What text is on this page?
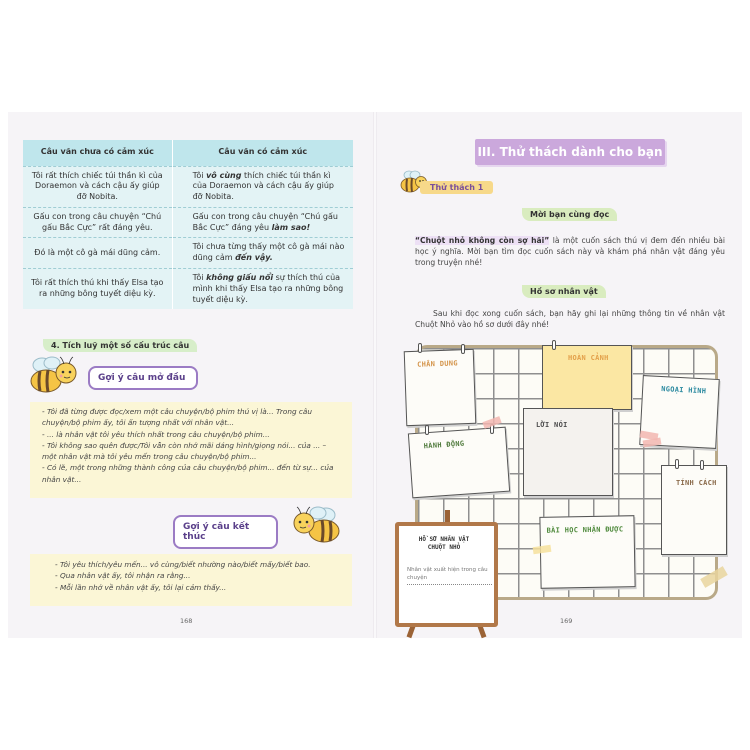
Câu văn chưa có cảm xúc	Câu văn có cảm xúc
Tôi rất thích chiếc túi thần kì của Doraemon và cách cậu ấy giúp đỡ Nobita.	Tôi vô cùng thích chiếc túi thần kì của Doraemon và cách cậu ấy giúp đỡ Nobita.
Gấu con trong câu chuyện “Chú gấu Bắc Cực” rất đáng yêu.	Gấu con trong câu chuyện “Chú gấu Bắc Cực” đáng yêu làm sao!
Đó là một cô gà mái dũng cảm.	Tôi chưa từng thấy một cô gà mái nào dũng cảm đến vậy.
Tôi rất thích thú khi thấy Elsa tạo ra những bông tuyết diệu kỳ.	Tôi không giấu nổi sự thích thú của mình khi thấy Elsa tạo ra những bông tuyết diệu kỳ.
4. Tích luỹ một số cấu trúc câu
Gợi ý câu mở đầu

- Tôi đã từng được đọc/xem một câu chuyện/bộ phim thú vị là... Trong câu chuyện/bộ phim ấy, tôi ấn tượng nhất với nhân vật...

- ... là nhân vật tôi yêu thích nhất trong câu chuyện/bộ phim...

- Tôi không sao quên được/Tôi vẫn còn nhớ mãi dáng hình/giọng nói... của ... – một nhân vật mà tôi yêu mến trong câu chuyện/bộ phim...

- Có lẽ, một trong những thành công của câu chuyện/bộ phim... đến từ sự... của nhân vật...

Gợi ý câu kết thúc

- Tôi yêu thích/yêu mến... vô cùng/biết nhường nào/biết mấy/biết bao.

- Qua nhân vật ấy, tôi nhận ra rằng...

- Mỗi lần nhớ về nhân vật ấy, tôi lại cảm thấy...

168
III. Thử thách dành cho bạn
Thử thách 1
Mời bạn cùng đọc
“Chuột nhỏ không còn sợ hãi” là một cuốn sách thú vị đem đến nhiều bài học ý nghĩa. Mời bạn tìm đọc cuốn sách này và khám phá nhân vật đáng yêu trong truyện nhé!
Hồ sơ nhân vật
Sau khi đọc xong cuốn sách, bạn hãy ghi lại những thông tin về nhân vật Chuột Nhỏ vào hồ sơ dưới đây nhé!
CHÂN DUNG
HOÀN CẢNH
NGOẠI HÌNH
HÀNH ĐỘNG
LỜI NÓI
TÍNH CÁCH
BÀI HỌC NHẬN ĐƯỢC
HỒ SƠ NHÂN VẬT CHUỘT NHỎ
Nhân vật xuất hiện trong câu chuyện
169
